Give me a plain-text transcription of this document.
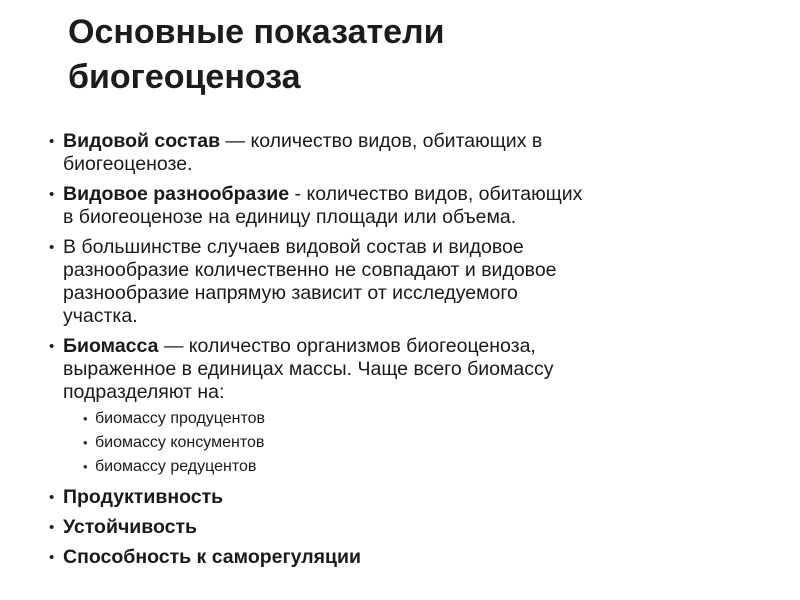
Основные показатели
биогеоценоза
• Видовой состав — количество видов, обитающих в
биогеоценозе.
• Видовое разнообразие - количество видов, обитающих
в биогеоценозе на единицу площади или объема.
• В большинстве случаев видовой состав и видовое
разнообразие количественно не совпадают и видовое
разнообразие напрямую зависит от исследуемого
участка.
• Биомасса — количество организмов биогеоценоза,
выраженное в единицах массы. Чаще всего биомассу
подразделяют на:
• биомассу продуцентов
• биомассу консументов
• биомассу редуцентов
• Продуктивность
• Устойчивость
• Способность к саморегуляции
